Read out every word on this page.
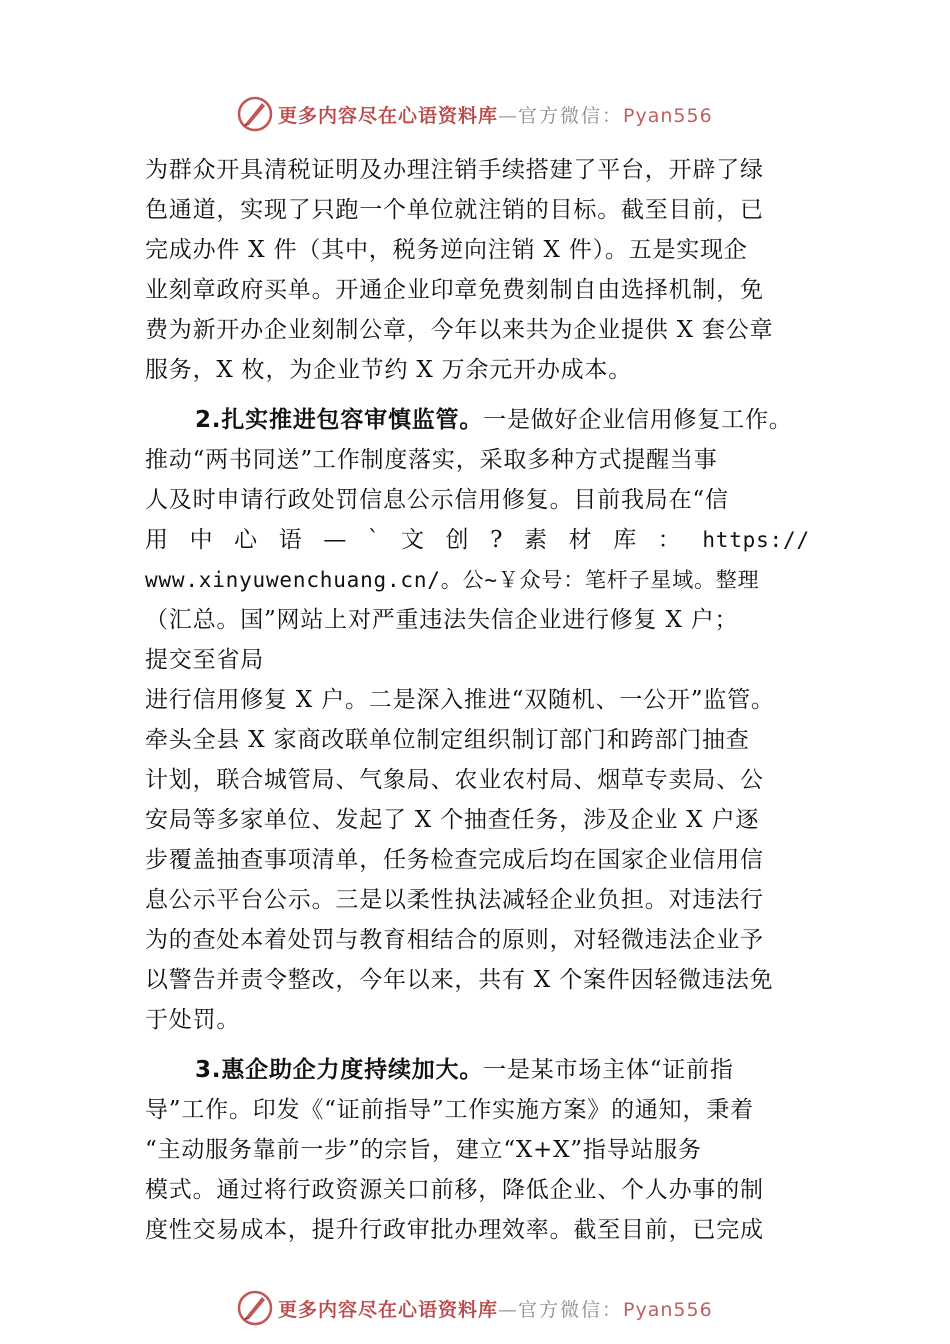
更多内容尽在心语资料库—官方微信：Pyan556
为群众开具清税证明及办理注销手续搭建了平台，开辟了绿
色通道，实现了只跑一个单位就注销的目标。截至目前，已
完成办件 X 件（其中，税务逆向注销 X 件）。五是实现企
业刻章政府买单。开通企业印章免费刻制自由选择机制，免
费为新开办企业刻制公章，今年以来共为企业提供 X 套公章
服务，X 枚，为企业节约 X 万余元开办成本。
2.扎实推进包容审慎监管。一是做好企业信用修复工作。
推动“两书同送”工作制度落实，采取多种方式提醒当事
人及时申请行政处罚信息公示信用修复。目前我局在“信
用 中 心 语 — ` 文 创 ? 素 材 库 ： https://
www.xinyuwenchuang.cn/。公~￥众号：笔杆子星域。整理
（汇总。国”网站上对严重违法失信企业进行修复 X 户；
提交至省局
进行信用修复 X 户。二是深入推进“双随机、一公开”监管。
牵头全县 X 家商改联单位制定组织制订部门和跨部门抽查
计划，联合城管局、气象局、农业农村局、烟草专卖局、公
安局等多家单位、发起了 X 个抽查任务，涉及企业 X 户逐
步覆盖抽查事项清单，任务检查完成后均在国家企业信用信
息公示平台公示。三是以柔性执法减轻企业负担。对违法行
为的查处本着处罚与教育相结合的原则，对轻微违法企业予
以警告并责令整改，今年以来，共有 X 个案件因轻微违法免
于处罚。
3.惠企助企力度持续加大。一是某市场主体“证前指
导”工作。印发《“证前指导”工作实施方案》的通知，秉着
“主动服务靠前一步”的宗旨，建立“X+X”指导站服务
模式。通过将行政资源关口前移，降低企业、个人办事的制
度性交易成本，提升行政审批办理效率。截至目前，已完成
更多内容尽在心语资料库—官方微信：Pyan556
